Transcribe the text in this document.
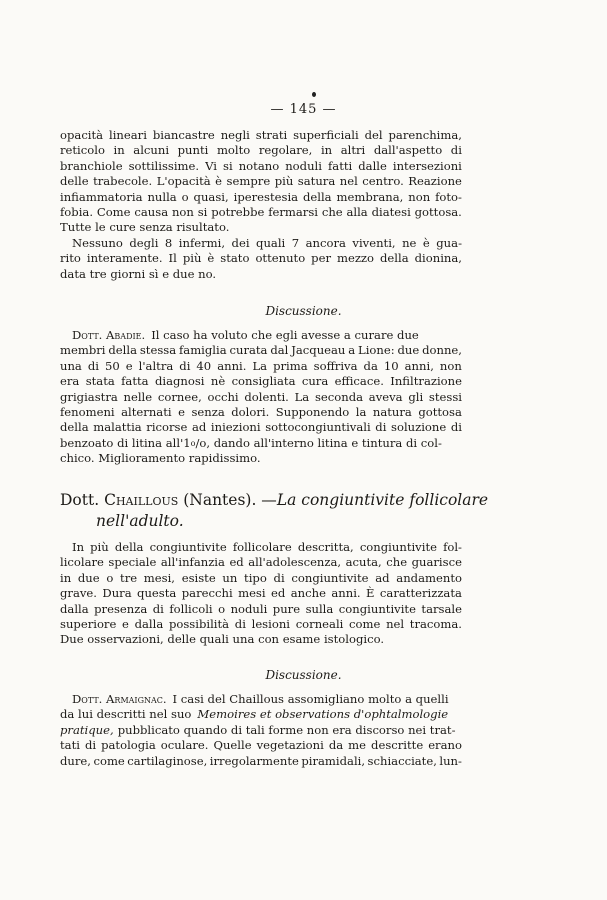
— 145 —
opacità lineari biancastre negli strati superficiali del parenchima,
reticolo in alcuni punti molto regolare, in altri dall'aspetto di
branchiole sottilissime. Vi si notano noduli fatti dalle intersezioni
delle trabecole. L'opacità è sempre più satura nel centro. Reazione
infiammatoria nulla o quasi, iperestesia della membrana, non foto-
fobia. Come causa non si potrebbe fermarsi che alla diatesi gottosa.
Tutte le cure senza risultato.
Nessuno degli 8 infermi, dei quali 7 ancora viventi, ne è gua-
rito interamente. Il più è stato ottenuto per mezzo della dionina,
data tre giorni sì e due no.
Discussione.
Dott. Abadie. Il caso ha voluto che egli avesse a curare due
membri della stessa famiglia curata dal Jacqueau a Lione: due donne,
una di 50 e l'altra di 40 anni. La prima soffriva da 10 anni, non
era stata fatta diagnosi nè consigliata cura efficace. Infiltrazione
grigiastra nelle cornee, occhi dolenti. La seconda aveva gli stessi
fenomeni alternati e senza dolori. Supponendo la natura gottosa
della malattia ricorse ad iniezioni sottocongiuntivali di soluzione di
benzoato di litina all'1 o /o, dando all'interno litina e tintura di col-
chico. Miglioramento rapidissimo.
Dott. Chaillous (Nantes). — La congiuntivite follicolare
nell'adulto.
In più della congiuntivite follicolare descritta, congiuntivite fol-
licolare speciale all'infanzia ed all'adolescenza, acuta, che guarisce
in due o tre mesi, esiste un tipo di congiuntivite ad andamento
grave. Dura questa parecchi mesi ed anche anni. È caratterizzata
dalla presenza di follicoli o noduli pure sulla congiuntivite tarsale
superiore e dalla possibilità di lesioni corneali come nel tracoma.
Due osservazioni, delle quali una con esame istologico.
Discussione.
Dott. Armaignac. I casi del Chaillous assomigliano molto a quelli
da lui descritti nel suo Memoires et observations d'ophtalmologie
pratique, pubblicato quando di tali forme non era discorso nei trat-
tati di patologia oculare. Quelle vegetazioni da me descritte erano
dure, come cartilaginose, irregolarmente piramidali, schiacciate, lun-
